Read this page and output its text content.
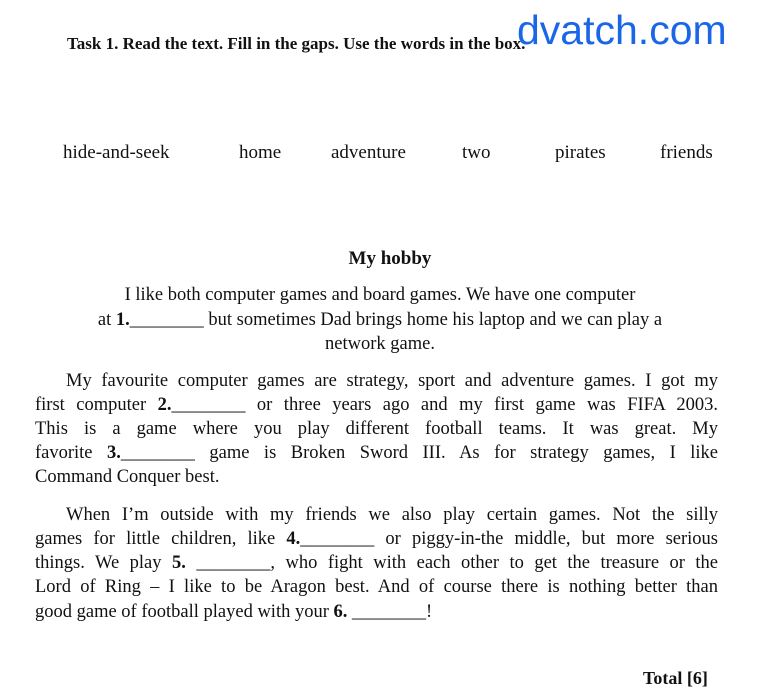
Task 1. Read the text. Fill in the gaps. Use the words in the box.
dvatch.com
hide-and-seek	home	adventure	two	pirates	friends
My hobby
I like both computer games and board games. We have one computer
at 1.________ but sometimes Dad brings home his laptop and we can play a
network game.
My favourite computer games are strategy, sport and adventure games. I got my
first computer 2.________ or three years ago and my first game was FIFA 2003.
This is a game where you play different football teams. It was great. My
favorite 3.________ game is Broken Sword III. As for strategy games, I like
Command Conquer best.
When I’m outside with my friends we also play certain games. Not the silly
games for little children, like 4.________ or piggy-in-the middle, but more serious
things. We play 5. ________, who fight with each other to get the treasure or the
Lord of Ring – I like to be Aragon best. And of course there is nothing better than
good game of football played with your 6. ________!
Total [6]
